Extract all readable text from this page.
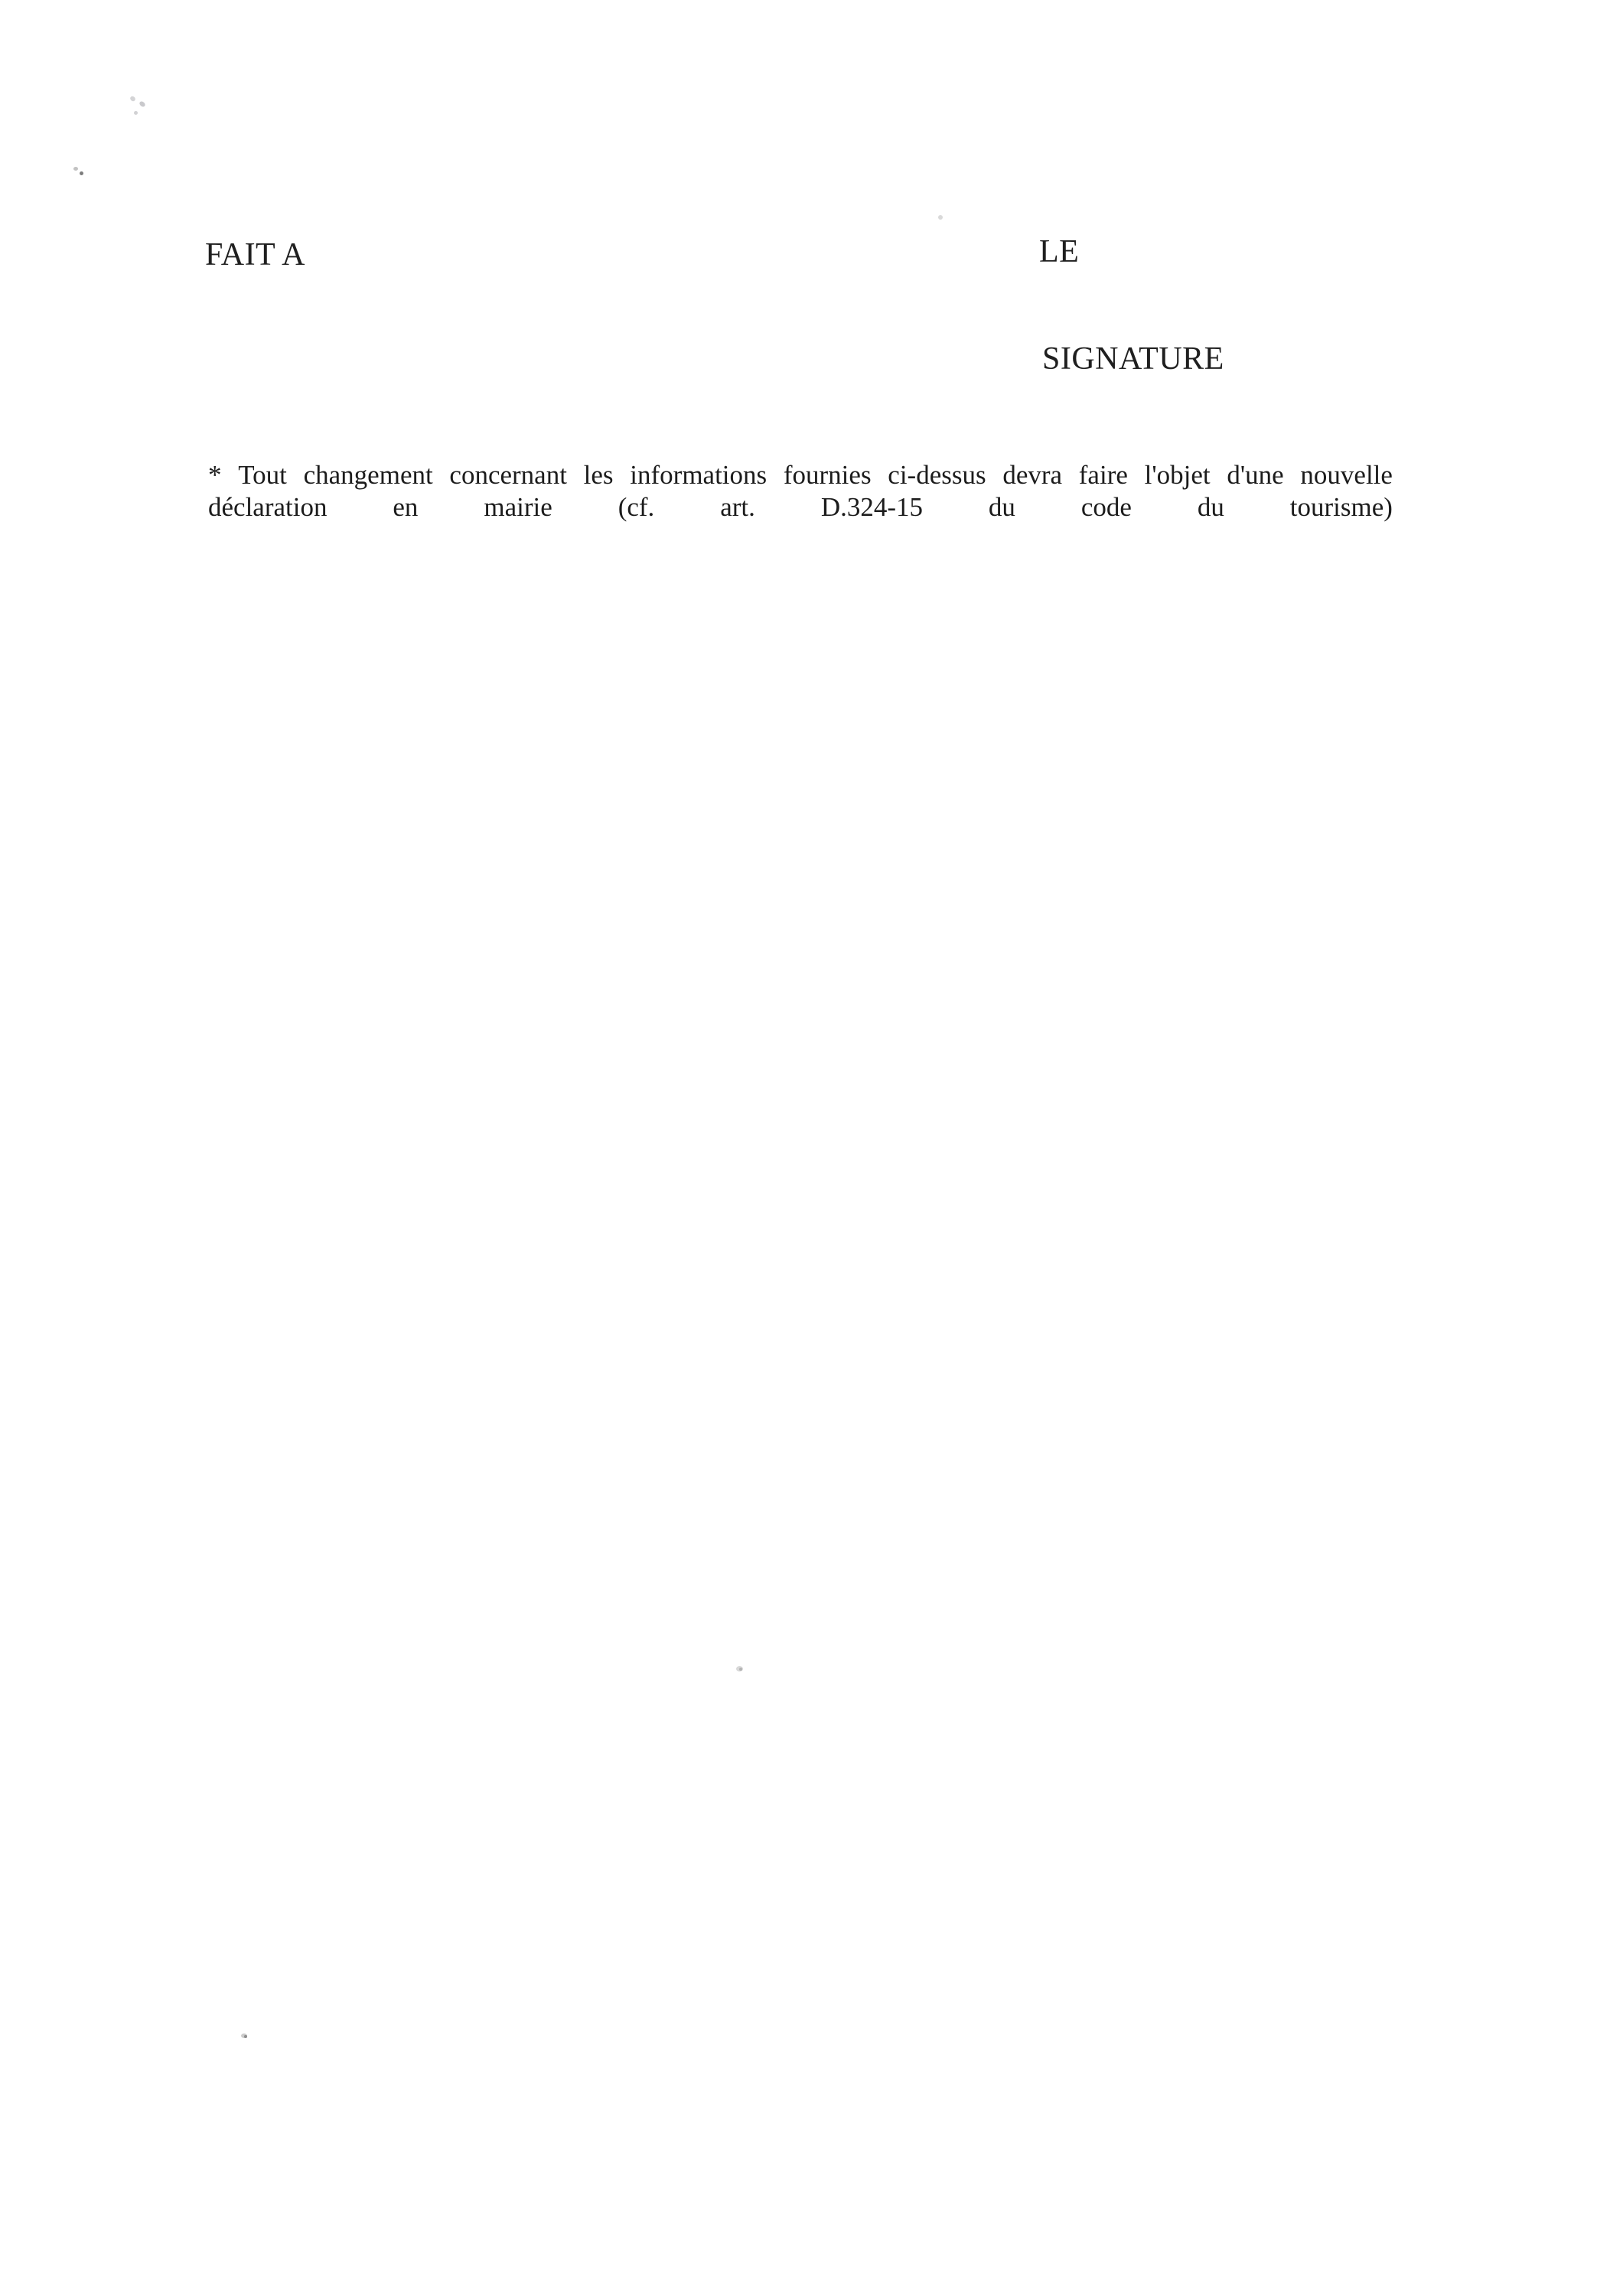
FAIT A	LE
SIGNATURE
* Tout changement concernant les informations fournies ci-dessus devra faire l'objet d'une nouvelle
déclaration en mairie (cf. art. D.324-15 du code du tourisme)
